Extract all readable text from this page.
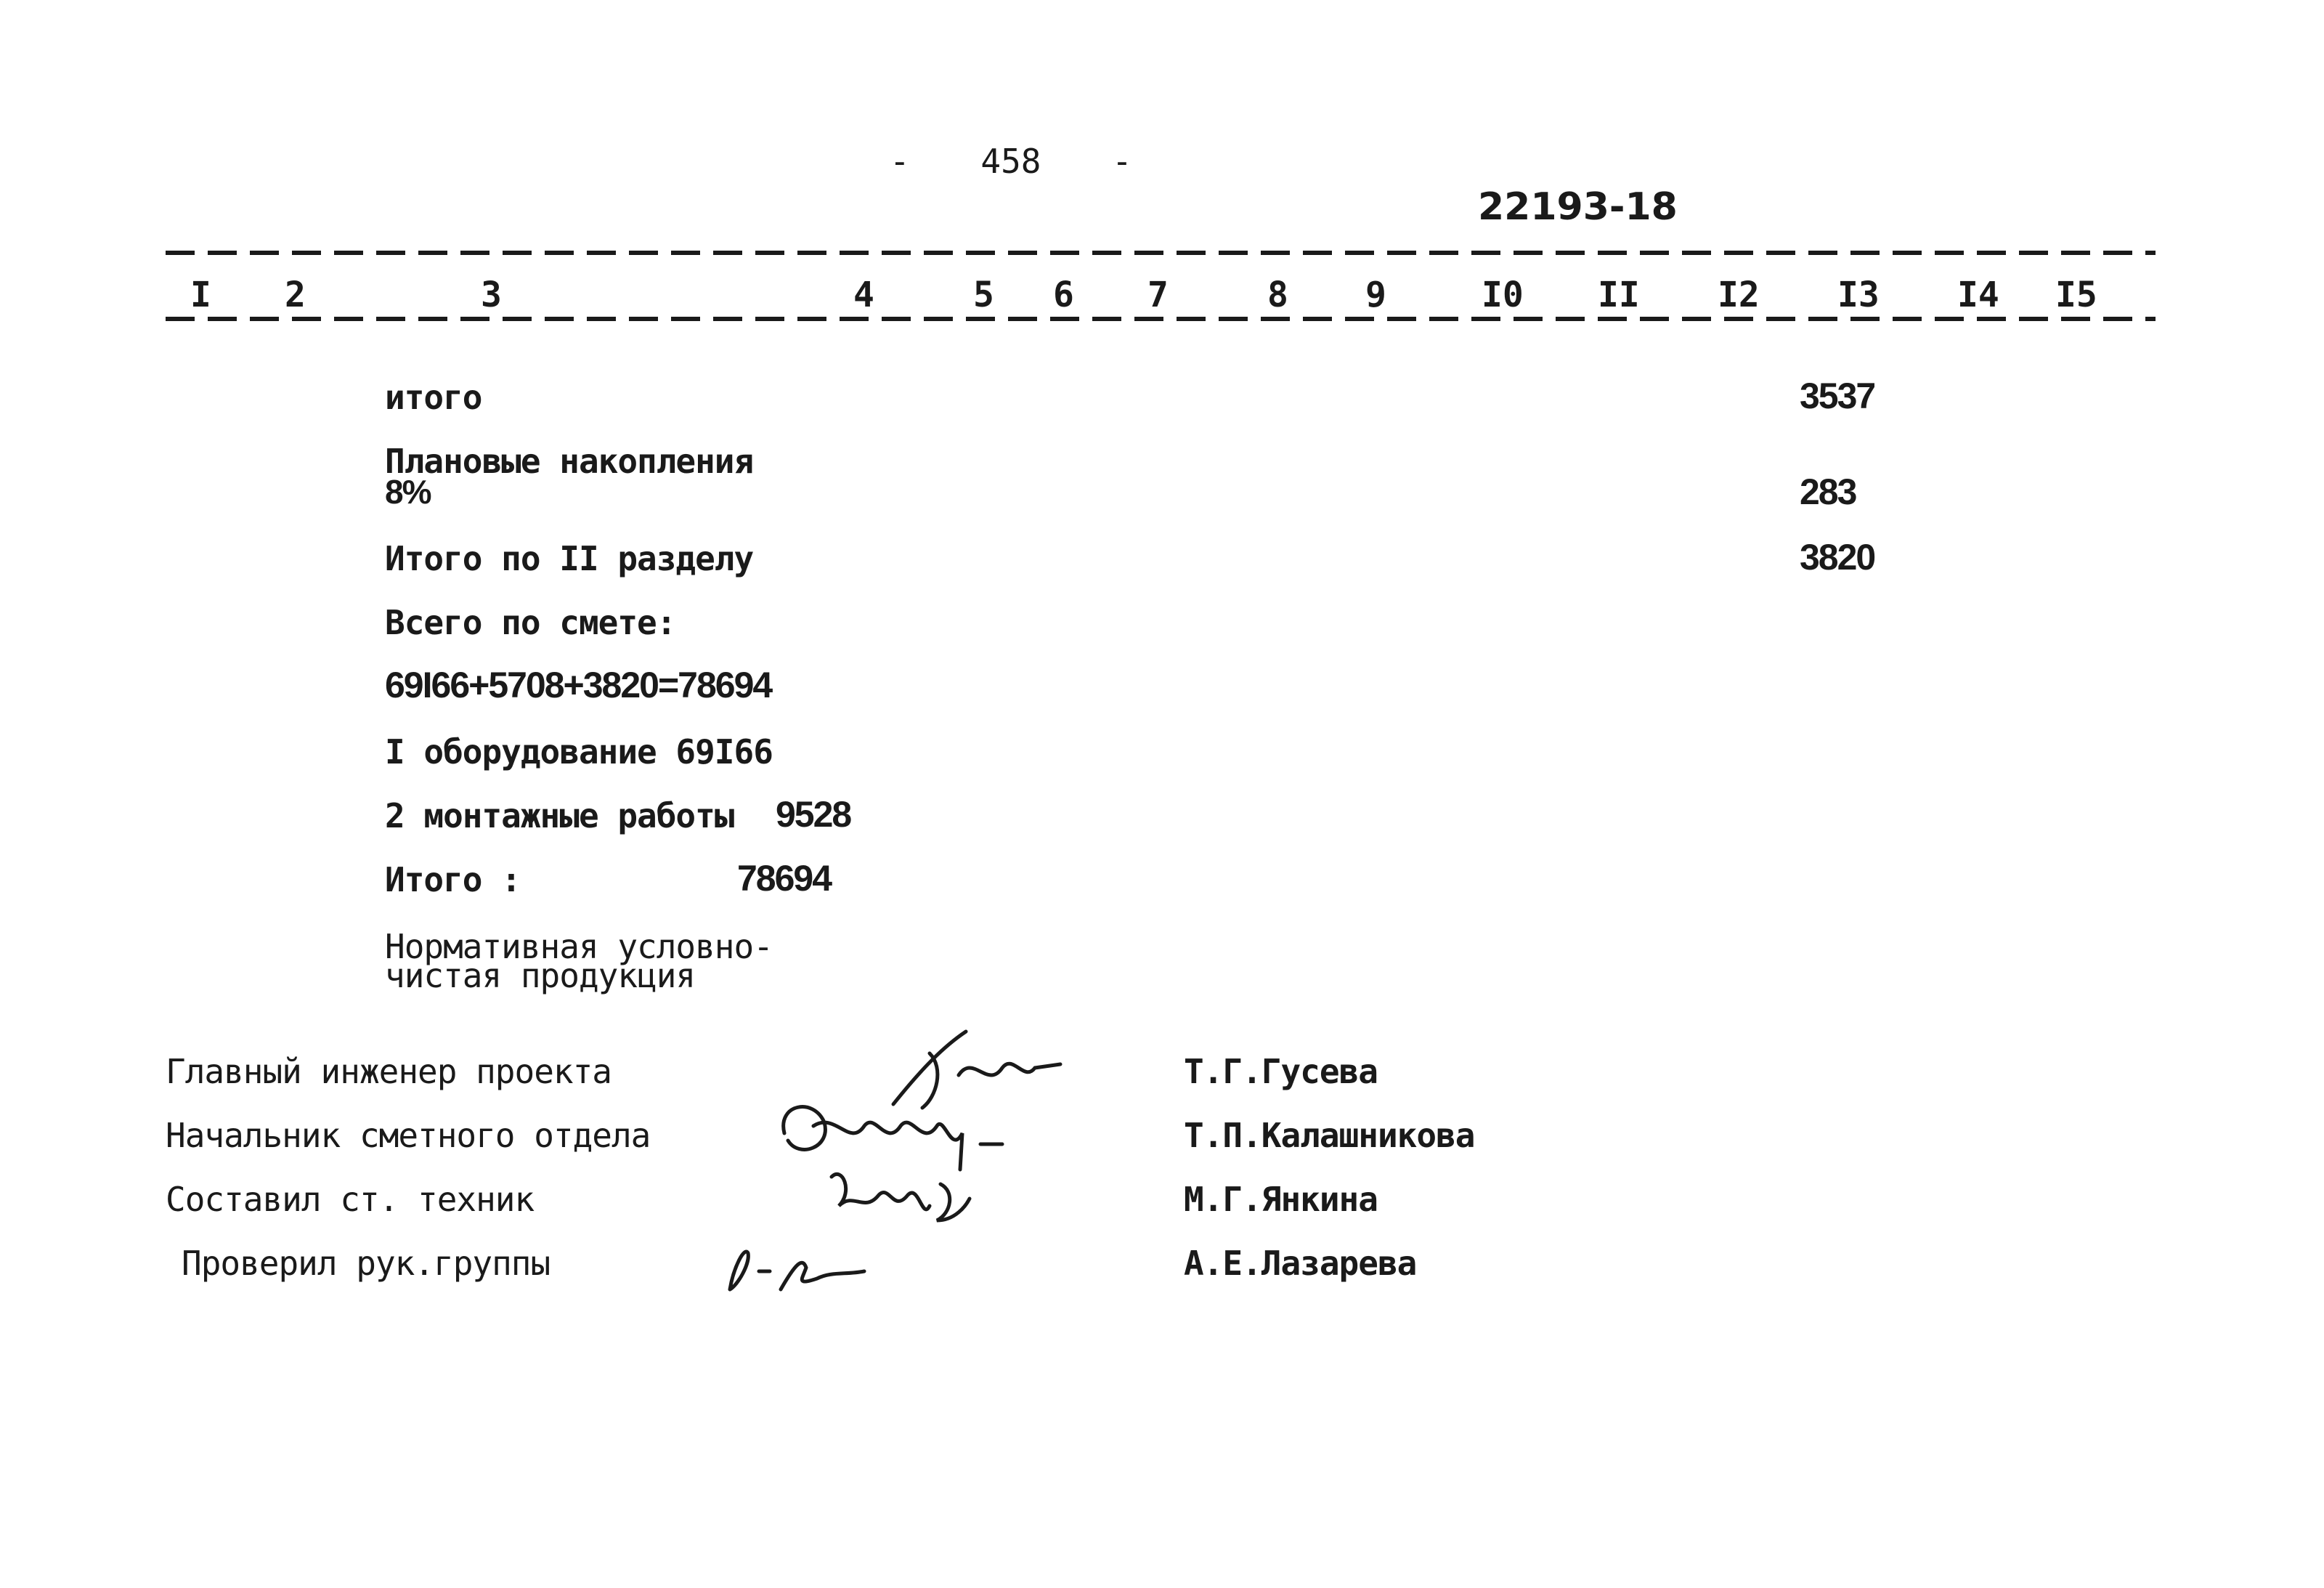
- 458 -
22193-18
I 2	3	4	5 6 7	8 9	I0 II I2 I3 I4 I5
итого	3537
Плановые накопления
8%	283
Итого по II разделу	3820
Всего по смете:
69I66+5708+3820=78694
I оборудование 69I66
2 монтажные работы 9528
Итого :	78694
Нормативная условно-
чистая продукция
Главный инженер проекта	Т.Г.Гусева
Начальник сметного отдела	Т.П.Калашникова
Составил ст. техник	М.Г.Янкина
Проверил рук.группы	А.Е.Лазарева
